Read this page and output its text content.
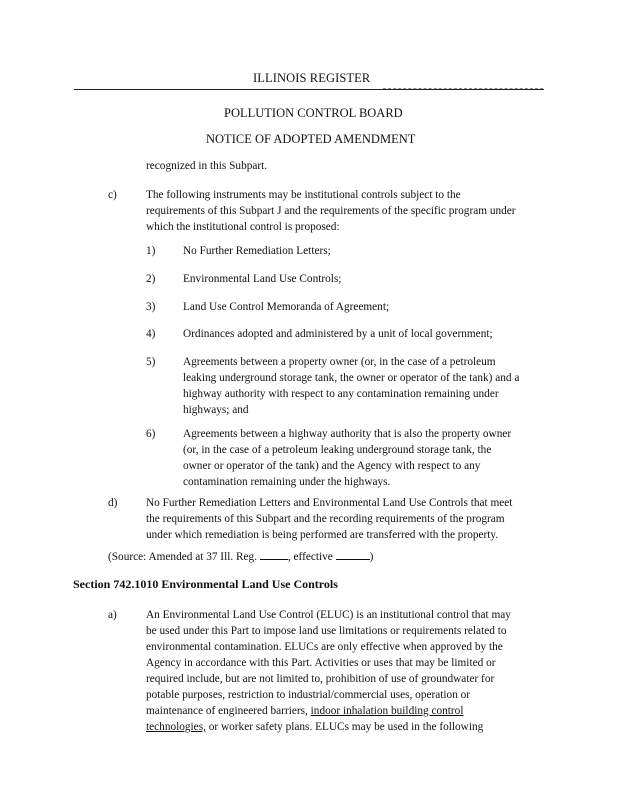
ILLINOIS REGISTER
POLLUTION CONTROL BOARD
NOTICE OF ADOPTED AMENDMENT
recognized in this Subpart.
c)	The following instruments may be institutional controls subject to the
requirements of this Subpart J and the requirements of the specific program under
which the institutional control is proposed:
1) No Further Remediation Letters;
2) Environmental Land Use Controls;
3) Land Use Control Memoranda of Agreement;
4) Ordinances adopted and administered by a unit of local government;
5) Agreements between a property owner (or, in the case of a petroleum
leaking underground storage tank, the owner or operator of the tank) and a
highway authority with respect to any contamination remaining under
highways; and
6) Agreements between a highway authority that is also the property owner
(or, in the case of a petroleum leaking underground storage tank, the
owner or operator of the tank) and the Agency with respect to any
contamination remaining under the highways.
d)	No Further Remediation Letters and Environmental Land Use Controls that meet
the requirements of this Subpart and the recording requirements of the program
under which remediation is being performed are transferred with the property.
(Source: Amended at 37 Ill. Reg. , effective	)
Section 742.1010 Environmental Land Use Controls
a)	An Environmental Land Use Control (ELUC) is an institutional control that may
be used under this Part to impose land use limitations or requirements related to
environmental contamination. ELUCs are only effective when approved by the
Agency in accordance with this Part. Activities or uses that may be limited or
required include, but are not limited to, prohibition of use of groundwater for
potable purposes, restriction to industrial/commercial uses, operation or
maintenance of engineered barriers, indoor inhalation building control
technologies, or worker safety plans. ELUCs may be used in the following
